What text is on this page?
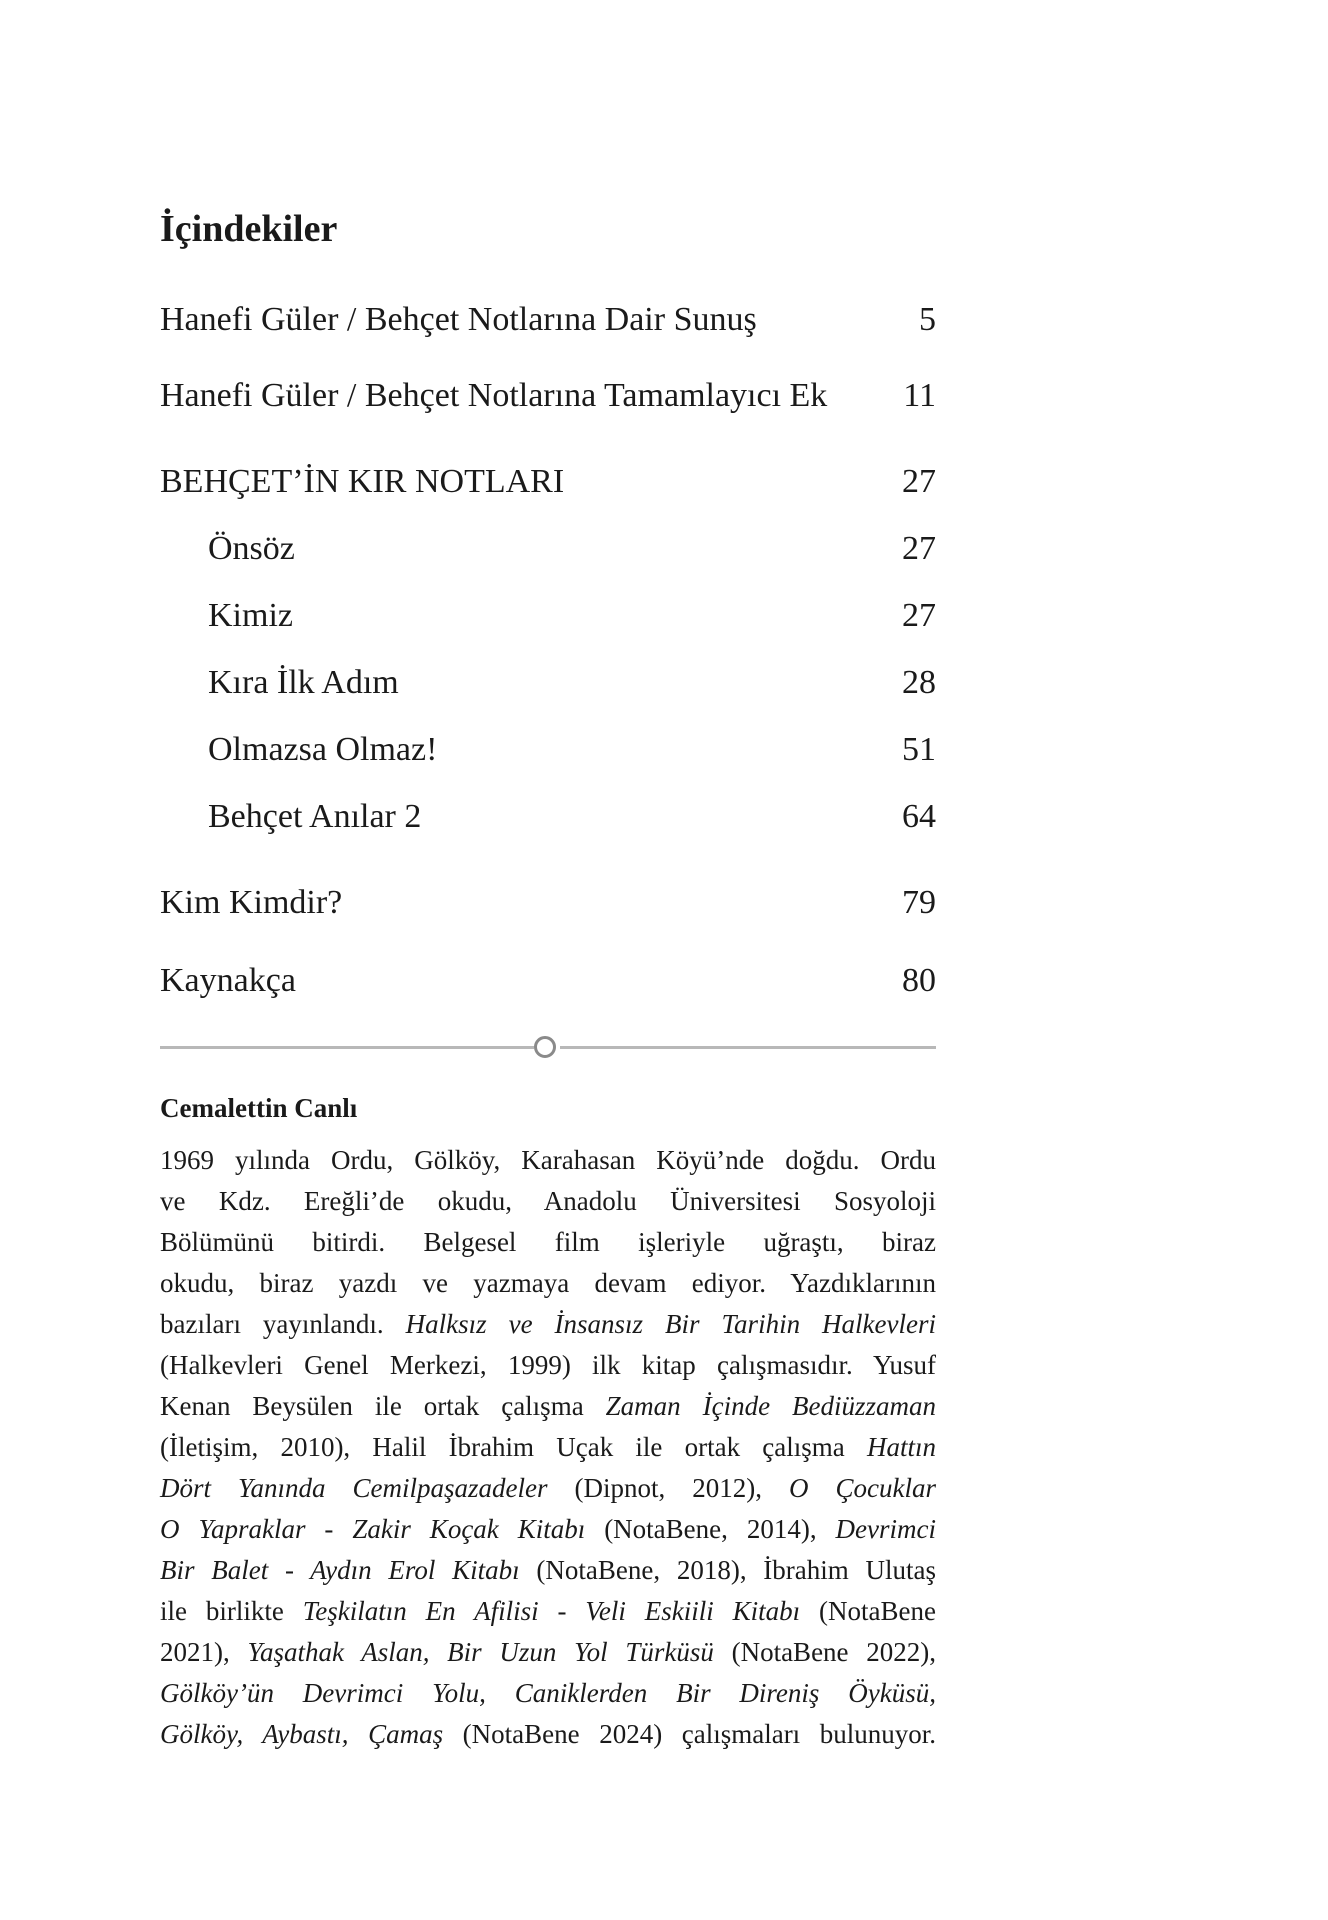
İçindekiler
Hanefi Güler / Behçet Notlarına Dair Sunuş	5
Hanefi Güler / Behçet Notlarına Tamamlayıcı Ek 11
BEHÇET’İN KIR NOTLARI	27
Önsöz	27
Kimiz	27
Kıra İlk Adım	28
Olmazsa Olmaz!	51
Behçet Anılar 2	64
Kim Kimdir?	79
Kaynakça	80
Cemalettin Canlı
1969 yılında Ordu, Gölköy, Karahasan Köyü’nde doğdu. Ordu
ve Kdz. Ereğli’de okudu, Anadolu Üniversitesi Sosyoloji
Bölümünü bitirdi. Belgesel film işleriyle uğraştı, biraz
okudu, biraz yazdı ve yazmaya devam ediyor. Yazdıklarının
bazıları yayınlandı. Halksız ve İnsansız Bir Tarihin Halkevleri
(Halkevleri Genel Merkezi, 1999) ilk kitap çalışmasıdır. Yusuf
Kenan Beysülen ile ortak çalışma Zaman İçinde Bediüzzaman
(İletişim, 2010), Halil İbrahim Uçak ile ortak çalışma Hattın
Dört Yanında Cemilpaşazadeler (Dipnot, 2012), O Çocuklar
O Yapraklar - Zakir Koçak Kitabı (NotaBene, 2014), Devrimci
Bir Balet - Aydın Erol Kitabı (NotaBene, 2018), İbrahim Ulutaş
ile birlikte Teşkilatın En Afilisi - Veli Eskiili Kitabı (NotaBene
2021), Yaşathak Aslan, Bir Uzun Yol Türküsü (NotaBene 2022),
Gölköy’ün Devrimci Yolu, Caniklerden Bir Direniş Öyküsü,
Gölköy, Aybastı, Çamaş (NotaBene 2024) çalışmaları bulunuyor.
